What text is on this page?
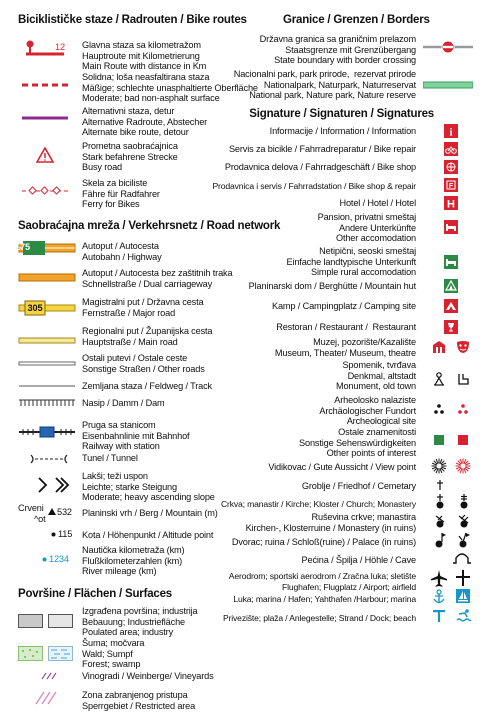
Biciklističke staze / Radrouten / Bike routes
12 Glavna staza sa kilometražom
Hauptroute mit Kilometrierung
Main Route with distance in Km
Solidna; loša neasfaltirana staza
Mäßige; schlechte unasphaltierte Oberfläche
Moderate; bad non-asphalt surface
Alternativni staza, detur
Alternative Radroute, Abstecher
Alternate bike route, detour
Prometna saobraćajnica
Stark befahrene Strecke
Busy road
Skela za biciliste
Fähre für Radfahrer
Ferry for Bikes
Saobraćajna mreža / Verkehrsnetz / Road network
E75	Autoput / Autocesta
Autobahn / Highway
Autoput / Autocesta bez zaštitnih traka
Schnellstraße / Dual carriageway
305
Magistralni put / Državna cesta
Fernstraße / Major road
Regionalni put / Županijska cesta
Hauptstraße / Main road
Ostali putevi / Ostale ceste
Sonstige Straßen / Other roads
Zemljana staza / Feldweg / Track
Nasip / Damm / Dam
Pruga sa stanicom
Eisenbahnlinie mit Bahnhof
Railway with station
Tunel / Tunnel
Lakši; teži uspon
Leichte; starke Steigung
Moderate; heavy ascending slope
Crveni
^ot
532 Planinski vrh / Berg / Mountain (m)
115 Kota / Höhenpunkt / Altitude point
1234
Nautička kilometraža (km)
Flußkilometerzahlen (km)
River mileage (km)
Površine / Flächen / Surfaces
Izgrađena površina; industrija
Bebauung; Industriefläche
Poulated area; industry
Šuma; močvara
Wald; Sumpf
Forest; swamp
Vinogradi / Weinberge/ Vineyards
Zona zabranjenog pristupa
Sperrgebiet / Restricted area
Granice / Grenzen / Borders
Državna granica sa graničnim prelazom
Staatsgrenze mit Grenzübergang
State boundary with border crossing
Nacionalni park, park prirode,  rezervat prirode
Nationalpark, Naturpark, Naturreservat
National park, Nature park, Nature reserve
Signature / Signaturen / Signatures
Informacije / Information / Information	i
Servis za bicikle / Fahrradreparatur / Bike repair
Prodavnica delova / Fahrradgeschäft / Bike shop
Prodavnica i servis / Fahrradstation / Bike shop & repair	F
Hotel / Hotel / Hotel	H
Pansion, privatni smeštaj
Andere Unterkünfte
Other accomodation
Netipični, seoski smeštaj
Einfache landtypische Unterkunft
Simple rural accomodation
Planinarski dom / Berghütte / Mountain hut
Kamp / Campingplatz / Camping site
Restoran / Restaurant /  Restaurant
Muzej, pozorište/Kazalište
Museum, Theater/ Museum, theatre
Spomenik, tvrđava
Denkmal, altstadt
Monument, old town
Arheolosko nalaziste
Archäologischer Fundort
Archeological site
Ostale znamenitosti
Sonstige Sehenswürdigkeiten
Other points of interest
Vidikovac / Gute Aussicht / View point
Groblje / Friedhof / Cemetary
Crkva; manastir / Kirche; Kloster / Church; Monastery
Ruševina crkve; manastira
Kirchen-, Klosterruine / Monastery (in ruins)
Dvorac; ruina / Schloß(ruine) / Palace (in ruins)
Pećina / Špilja / Höhle / Cave
Aerodrom; sportski aerodrom / Zračna luka; sletište
Flughafen; Flugplatz / Airport; airfield
Luka; marina / Hafen; Yahthafen /Harbour; marina
Privezište; plaža / Anlegestelle; Strand / Dock; beach
